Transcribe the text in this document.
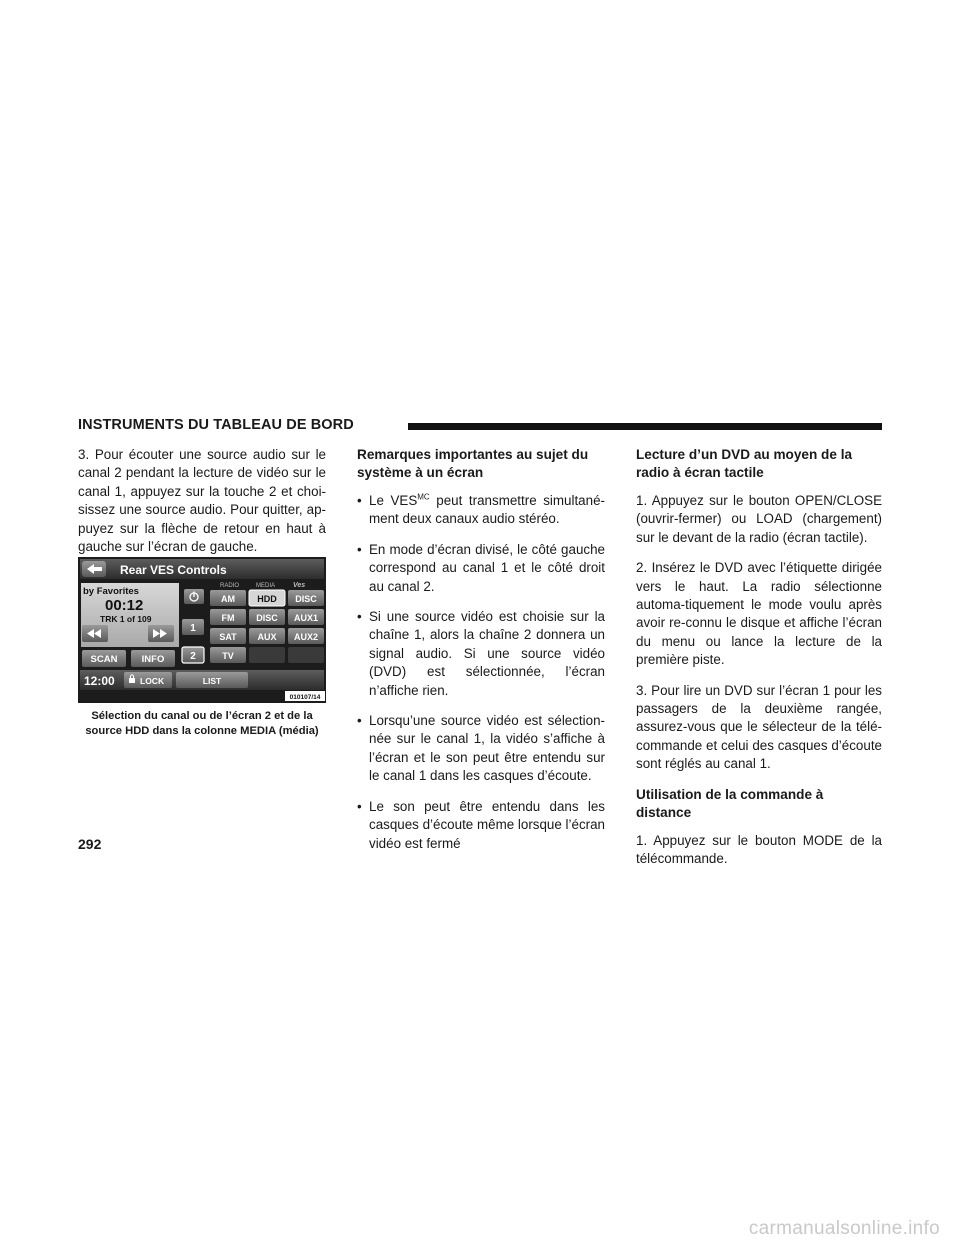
INSTRUMENTS DU TABLEAU DE BORD

3. Pour écouter une source audio sur le canal 2 pendant la lecture de vidéo sur le canal 1, appuyez sur la touche 2 et choi-sissez une source audio. Pour quitter, ap-puyez sur la flèche de retour en haut à gauche sur l’écran de gauche.

Rear VES Controls
by Favorites
00:12
TRK 1 of 109
SCAN	INFO
1
2
RADIO	MEDIA	Ves
AM
FM
SAT
TV
HDD
DISC
AUX
DISC
AUX1
AUX2
12:00	LOCK	LIST
010107/14
Sélection du canal ou de l’écran 2 et de la source HDD dans la colonne MEDIA (média)
Remarques importantes au sujet du système à un écran
• Le $VES^{MC}$ peut transmettre simultané-ment deux canaux audio stéréo.
• En mode d’écran divisé, le côté gauche correspond au canal 1 et le côté droit au canal 2.
• Si une source vidéo est choisie sur la chaîne 1, alors la chaîne 2 donnera un signal audio. Si une source vidéo (DVD) est sélectionnée, l’écran n’affiche rien.
• Lorsqu’une source vidéo est sélection-née sur le canal 1, la vidéo s’affiche à l’écran et le son peut être entendu sur le canal 1 dans les casques d’écoute.
• Le son peut être entendu dans les casques d’écoute même lorsque l’écran vidéo est fermé
Lecture d’un DVD au moyen de la radio à écran tactile

1. Appuyez sur le bouton OPEN/CLOSE (ouvrir-fermer) ou LOAD (chargement) sur le devant de la radio (écran tactile).

2. Insérez le DVD avec l’étiquette dirigée vers le haut. La radio sélectionne automa-tiquement le mode voulu après avoir re-connu le disque et affiche l’écran du menu ou lance la lecture de la première piste.

3. Pour lire un DVD sur l’écran 1 pour les passagers de la deuxième rangée, assurez-vous que le sélecteur de la télé-commande et celui des casques d’écoute sont réglés au canal 1.

Utilisation de la commande à distance

1. Appuyez sur le bouton MODE de la télécommande.

292
carmanualsonline.info
